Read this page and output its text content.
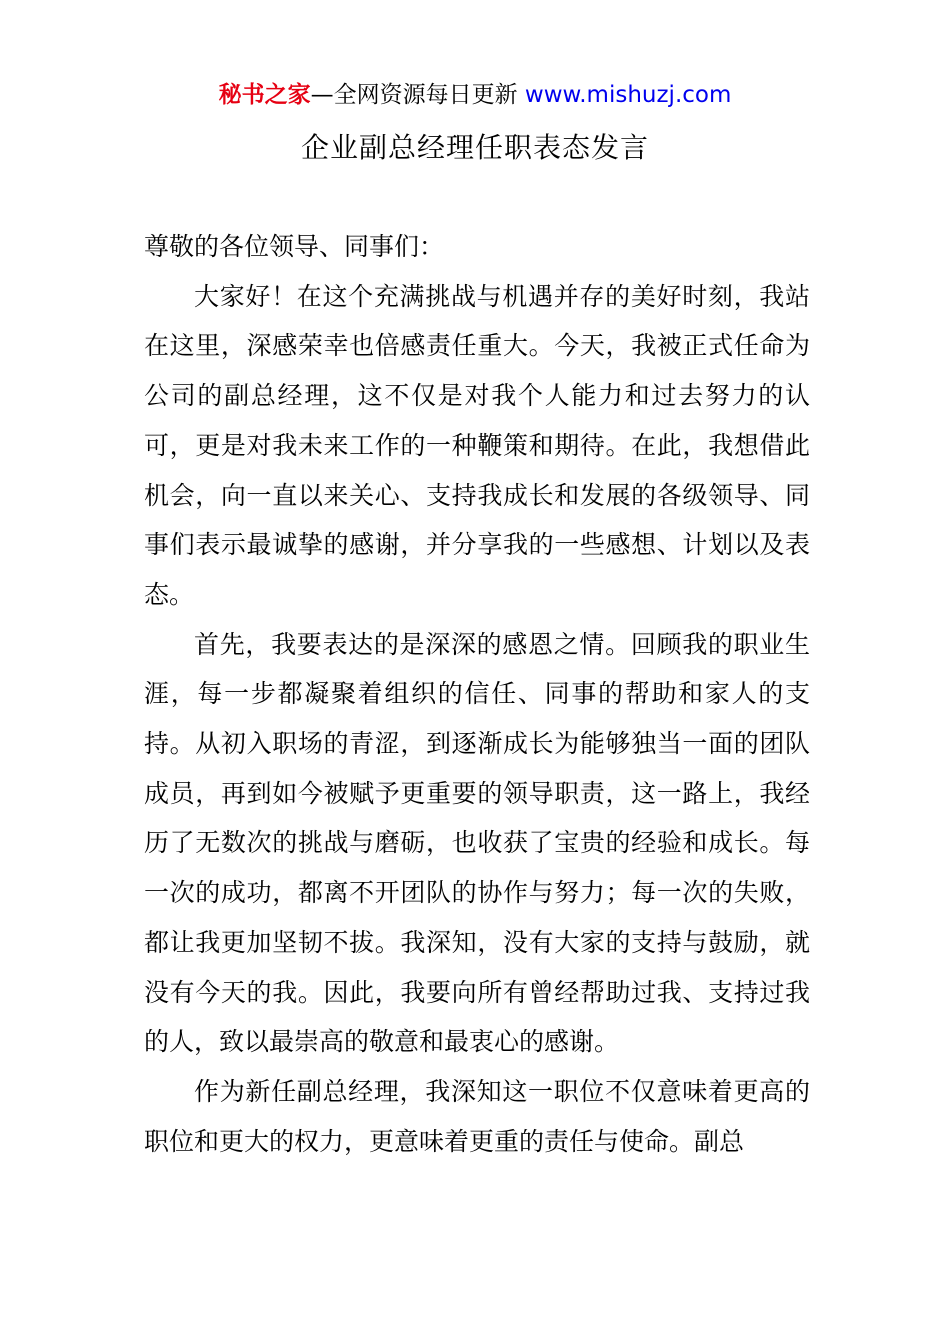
秘书之家—全网资源每日更新 www.mishuzj.com
企业副总经理任职表态发言

尊敬的各位领导、同事们：

大家好！在这个充满挑战与机遇并存的美好时刻，我站在这里，深感荣幸也倍感责任重大。今天，我被正式任命为公司的副总经理，这不仅是对我个人能力和过去努力的认可，更是对我未来工作的一种鞭策和期待。在此，我想借此机会，向一直以来关心、支持我成长和发展的各级领导、同事们表示最诚挚的感谢，并分享我的一些感想、计划以及表态。

首先，我要表达的是深深的感恩之情。回顾我的职业生涯，每一步都凝聚着组织的信任、同事的帮助和家人的支持。从初入职场的青涩，到逐渐成长为能够独当一面的团队成员，再到如今被赋予更重要的领导职责，这一路上，我经历了无数次的挑战与磨砺，也收获了宝贵的经验和成长。每一次的成功，都离不开团队的协作与努力；每一次的失败，都让我更加坚韧不拔。我深知，没有大家的支持与鼓励，就没有今天的我。因此，我要向所有曾经帮助过我、支持过我的人，致以最崇高的敬意和最衷心的感谢。

作为新任副总经理，我深知这一职位不仅意味着更高的职位和更大的权力，更意味着更重的责任与使命。副总
